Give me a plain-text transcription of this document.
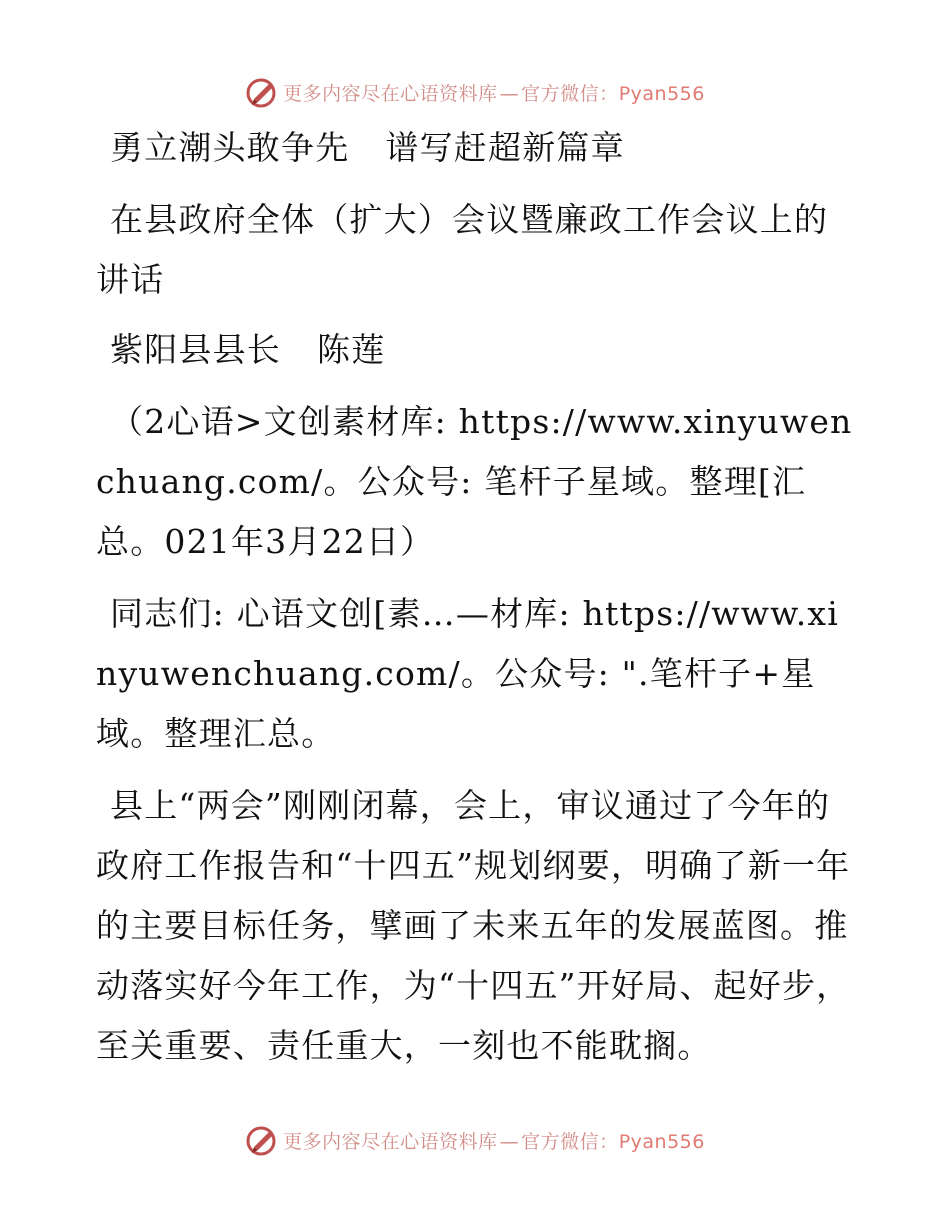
更多内容尽在心语资料库 — 官方微信：Pyan556

勇立潮头敢争先 谱写赶超新篇章

在县政府全体（扩大）会议暨廉政工作会议上的讲话

紫阳县县长 陈莲

（2心语>文创素材库: https://www.xinyuwenchuang.com/。公众号: 笔杆子星域。整理[汇总。021年3月22日）

同志们: 心语文创[素…—材库: https://www.xinyuwenchuang.com/。公众号: ".笔杆子+星域。整理汇总。

县上“两会”刚刚闭幕，会上，审议通过了今年的政府工作报告和“十四五”规划纲要，明确了新一年的主要目标任务，擘画了未来五年的发展蓝图。推动落实好今年工作，为“十四五”开好局、起好步，至关重要、责任重大，一刻也不能耽搁。

更多内容尽在心语资料库 — 官方微信：Pyan556
